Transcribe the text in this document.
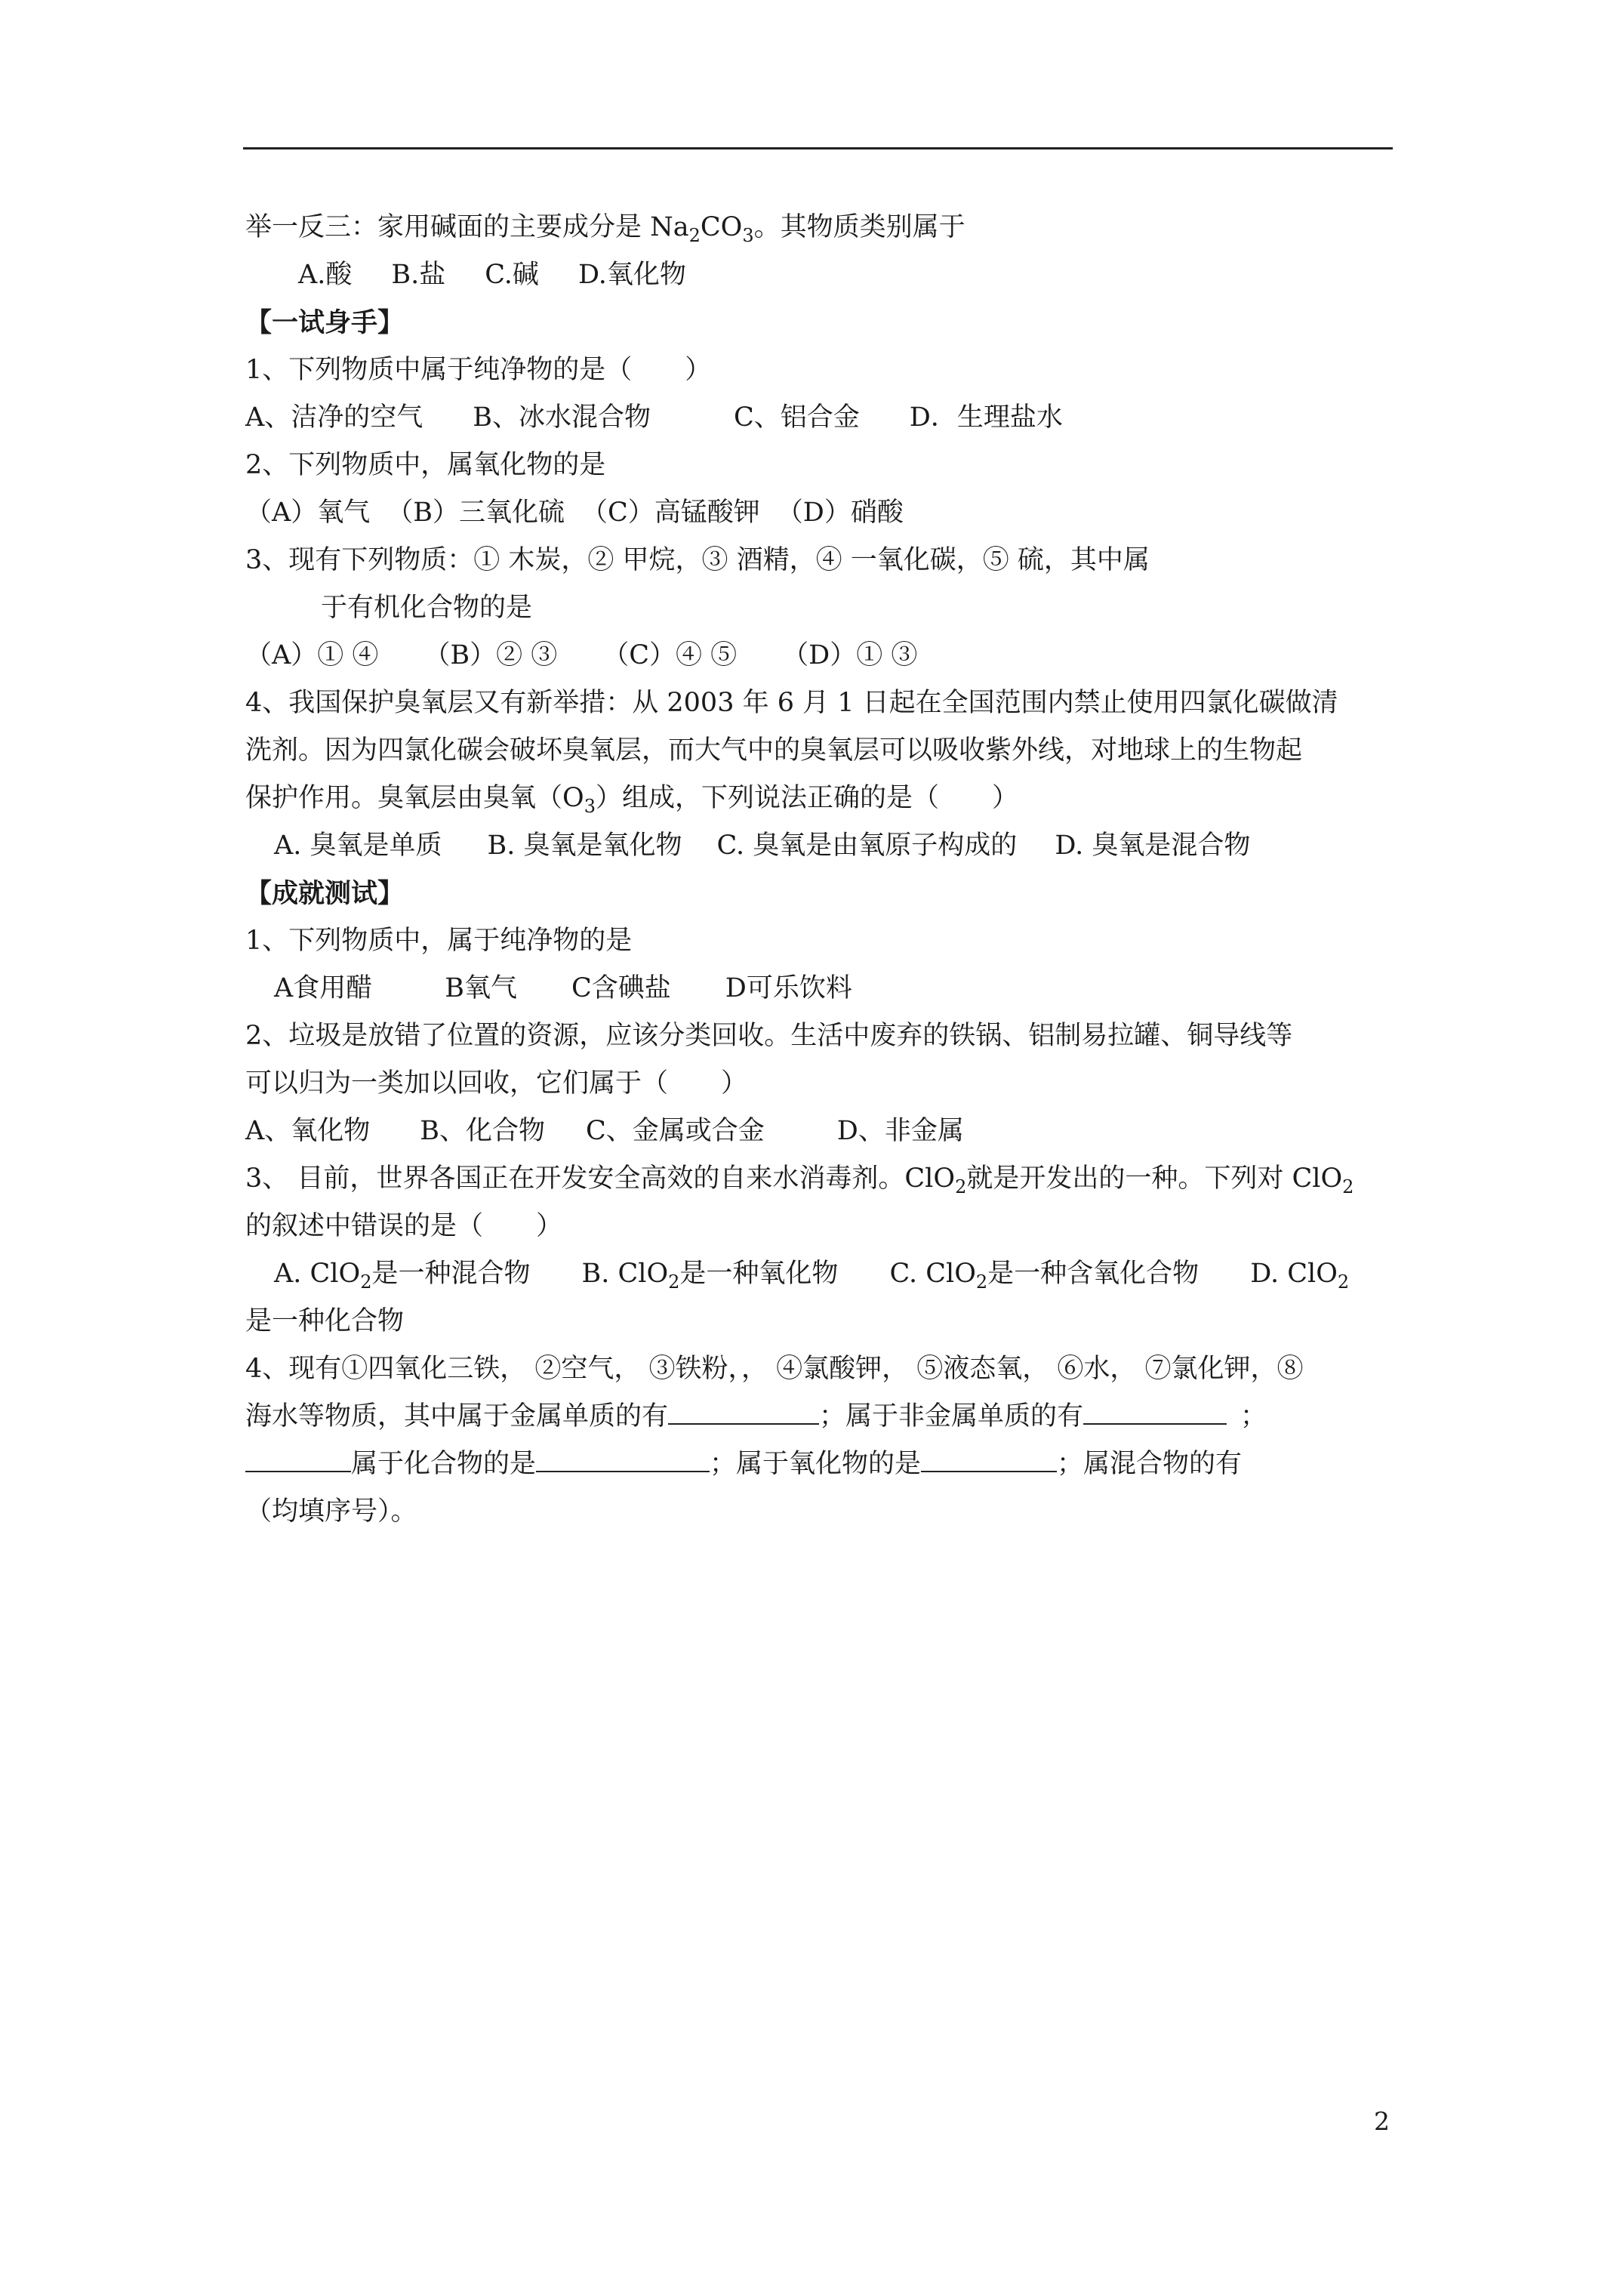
举一反三：家用碱面的主要成分是 $Na_2CO_3$。其物质类别属于
A.酸 B.盐 C.碱 D.氧化物
【一试身手】
1、下列物质中属于纯净物的是（　　）
A、洁净的空气 B、冰水混合物	C、铝合金 D．生理盐水
2、下列物质中，属氧化物的是
（A）氧气 （B）三氧化硫 （C）高锰酸钾 （D）硝酸
3、现有下列物质：① 木炭，② 甲烷，③ 酒精，④ 一氧化碳，⑤ 硫，其中属
于有机化合物的是
（A）① ④ （B）② ③ （C）④ ⑤ （D）① ③
4、我国保护臭氧层又有新举措：从 2003 年 6 月 1 日起在全国范围内禁止使用四氯化碳做清
洗剂。因为四氯化碳会破坏臭氧层，而大气中的臭氧层可以吸收紫外线，对地球上的生物起
保护作用。臭氧层由臭氧$(O_3)$组成，下列说法正确的是（　　）
A. 臭氧是单质 B. 臭氧是氧化物 C. 臭氧是由氧原子构成的 D. 臭氧是混合物
【成就测试】
1、下列物质中，属于纯净物的是
A食用醋	B氧气 C含碘盐 D可乐饮料
2、垃圾是放错了位置的资源，应该分类回收。生活中废弃的铁锅、铝制易拉罐、铜导线等
可以归为一类加以回收，它们属于（　　）
A、氧化物 B、化合物 C、金属或合金	D、非金属
3、 目前，世界各国正在开发安全高效的自来水消毒剂。ClO$_2$就是开发出的一种。下列对 ClO$_2$
的叙述中错误的是（　　）
A. ClO$_2$是一种混合物 B. ClO$_2$是一种氧化物 C. ClO$_2$是一种含氧化合物 D. ClO$_2$
是一种化合物
4、现有①四氧化三铁， ②空气， ③铁粉，， ④氯酸钾， ⑤液态氧， ⑥水， ⑦氯化钾，⑧
海水等物质，其中属于金属单质的有	；属于非金属单质的有	；
属于化合物的是	；属于氧化物的是	；属混合物的有
（均填序号）。
2
